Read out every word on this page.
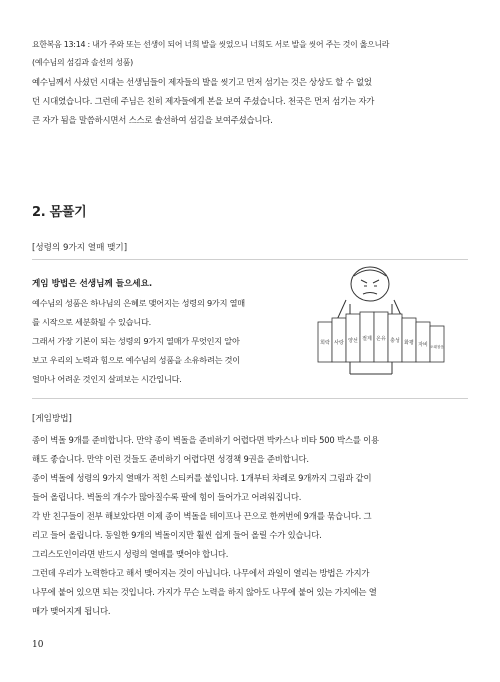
요한복음 13:14 : 내가 주와 또는 선생이 되어 너희 발을 씻었으니 너희도 서로 발을 씻어 주는 것이 옳으니라
(예수님의 섬김과 솔선의 성품)
예수님께서 사셨던 시대는 선생님들이 제자들의 발을 씻기고 먼저 섬기는 것은 상상도 할 수 없었
던 시대였습니다. 그런데 주님은 친히 제자들에게 본을 보여 주셨습니다. 천국은 먼저 섬기는 자가
큰 자가 됨을 말씀하시면서 스스로 솔선하여 섬김을 보여주셨습니다.
2. 몸풀기
[성령의 9가지 열매 맺기]
게임 방법은 선생님께 들으세요.
예수님의 성품은 하나님의 은혜로 맺어지는 성령의 9가지 열매
를 시작으로 세분화될 수 있습니다.
그래서 가장 기본이 되는 성령의 9가지 열매가 무엇인지 알아
보고 우리의 노력과 힘으로 예수님의 성품을 소유하려는 것이
얼마나 어려운 것인지 살펴보는 시간입니다.
희락 사랑 양선 절제 온유 충성 화평 자비 오래참음
[게임방법]
종이 벽돌 9개를 준비합니다. 만약 종이 벽돌을 준비하기 어렵다면 박카스나 비타 500 박스를 이용
해도 좋습니다. 만약 이런 것들도 준비하기 어렵다면 성경책 9권을 준비합니다.
종이 벽돌에 성령의 9가지 열매가 적힌 스티커를 붙입니다. 1개부터 차례로 9개까지 그림과 같이
들어 올립니다. 벽돌의 개수가 많아질수록 팔에 힘이 들어가고 어려워집니다.
각 반 친구들이 전부 해보았다면 이제 종이 벽돌을 테이프나 끈으로 한꺼번에 9개를 묶습니다. 그
리고 들어 올립니다. 동일한 9개의 벽돌이지만 훨씬 쉽게 들어 올릴 수가 있습니다.
그리스도인이라면 반드시 성령의 열매를 맺어야 합니다.
그런데 우리가 노력한다고 해서 맺어지는 것이 아닙니다. 나무에서 과일이 열리는 방법은 가지가
나무에 붙어 있으면 되는 것입니다. 가지가 무슨 노력을 하지 않아도 나무에 붙어 있는 가지에는 열
매가 맺어지게 됩니다.
10
